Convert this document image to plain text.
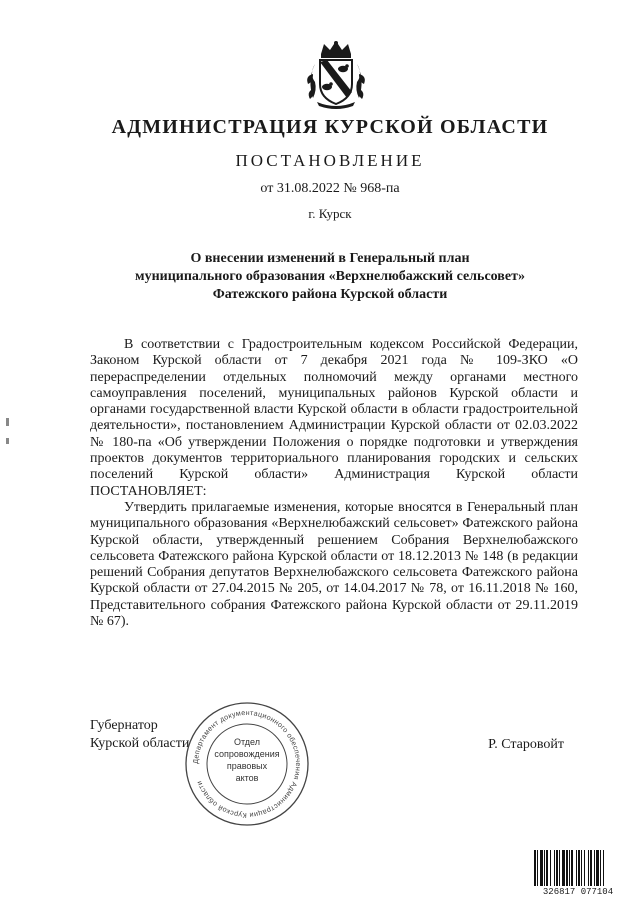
АДМИНИСТРАЦИЯ КУРСКОЙ ОБЛАСТИ
ПОСТАНОВЛЕНИЕ
от 31.08.2022 № 968-па
г. Курск
О внесении изменений в Генеральный план
муниципального образования «Верхнелюбажский сельсовет»
Фатежского района Курской области

В соответствии с Градостроительным кодексом Российской Федерации, Законом Курской области от 7 декабря 2021 года № 109-ЗКО «О перераспределении отдельных полномочий между органами местного самоуправления поселений, муниципальных районов Курской области и органами государственной власти Курской области в области градостроительной деятельности», постановлением Администрации Курской области от 02.03.2022 № 180-па «Об утверждении Положения о порядке подготовки и утверждения проектов документов территориального планирования городских и сельских поселений Курской области» Администрация Курской области ПОСТАНОВЛЯЕТ:

Утвердить прилагаемые изменения, которые вносятся в Генеральный план муниципального образования «Верхнелюбажский сельсовет» Фатежского района Курской области, утвержденный решением Собрания Верхнелюбажского сельсовета Фатежского района Курской области от 18.12.2013 № 148 (в редакции решений Собрания депутатов Верхнелюбажского сельсовета Фатежского района Курской области от 27.04.2015 № 205, от 14.04.2017 № 78, от 16.11.2018 № 160, Представительного собрания Фатежского района Курской области от 29.11.2019 № 67).

Губернатор
Курской области
Департамент документационного обеспечения Администрации Курской области
Отдел
сопровождения
правовых
актов
Р. Старовойт
326817 077104
